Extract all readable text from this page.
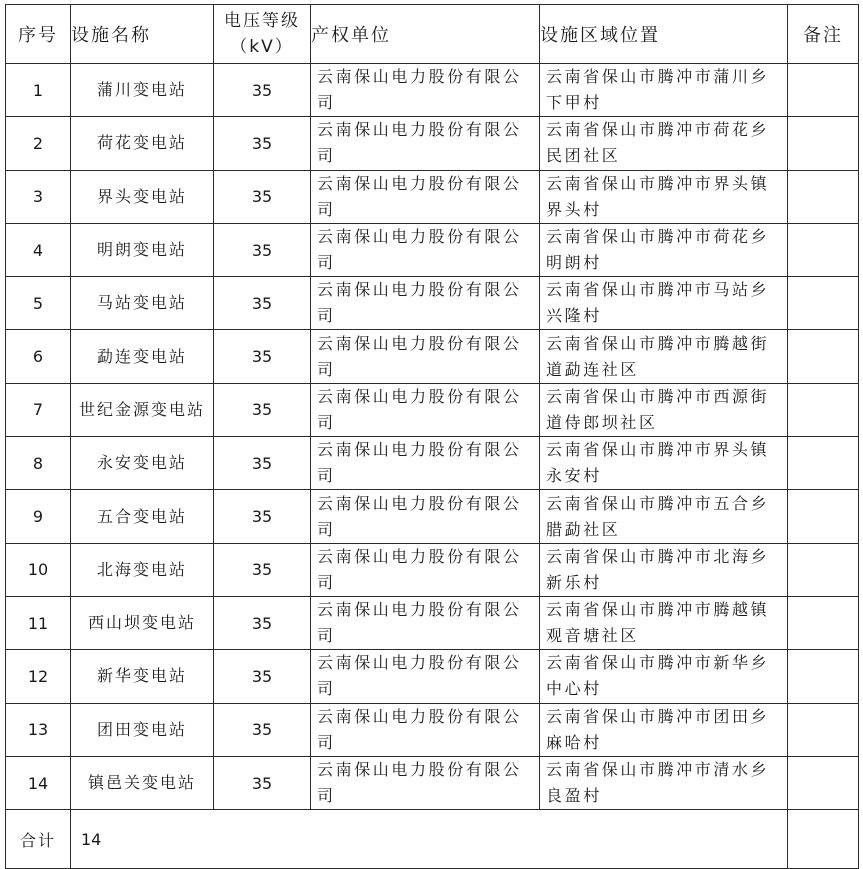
序号	设施名称	电压等级（kV）	产权单位	设施区域位置	备注
1	蒲川变电站	35	云南保山电力股份有限公司	云南省保山市腾冲市蒲川乡下甲村	
2	荷花变电站	35	云南保山电力股份有限公司	云南省保山市腾冲市荷花乡民团社区	
3	界头变电站	35	云南保山电力股份有限公司	云南省保山市腾冲市界头镇界头村	
4	明朗变电站	35	云南保山电力股份有限公司	云南省保山市腾冲市荷花乡明朗村	
5	马站变电站	35	云南保山电力股份有限公司	云南省保山市腾冲市马站乡兴隆村	
6	勐连变电站	35	云南保山电力股份有限公司	云南省保山市腾冲市腾越街道勐连社区	
7	世纪金源变电站	35	云南保山电力股份有限公司	云南省保山市腾冲市西源街道侍郎坝社区	
8	永安变电站	35	云南保山电力股份有限公司	云南省保山市腾冲市界头镇永安村	
9	五合变电站	35	云南保山电力股份有限公司	云南省保山市腾冲市五合乡腊勐社区	
10	北海变电站	35	云南保山电力股份有限公司	云南省保山市腾冲市北海乡新乐村	
11	西山坝变电站	35	云南保山电力股份有限公司	云南省保山市腾冲市腾越镇观音塘社区	
12	新华变电站	35	云南保山电力股份有限公司	云南省保山市腾冲市新华乡中心村	
13	团田变电站	35	云南保山电力股份有限公司	云南省保山市腾冲市团田乡麻哈村	
14	镇邑关变电站	35	云南保山电力股份有限公司	云南省保山市腾冲市清水乡良盈村	
合计	14				
